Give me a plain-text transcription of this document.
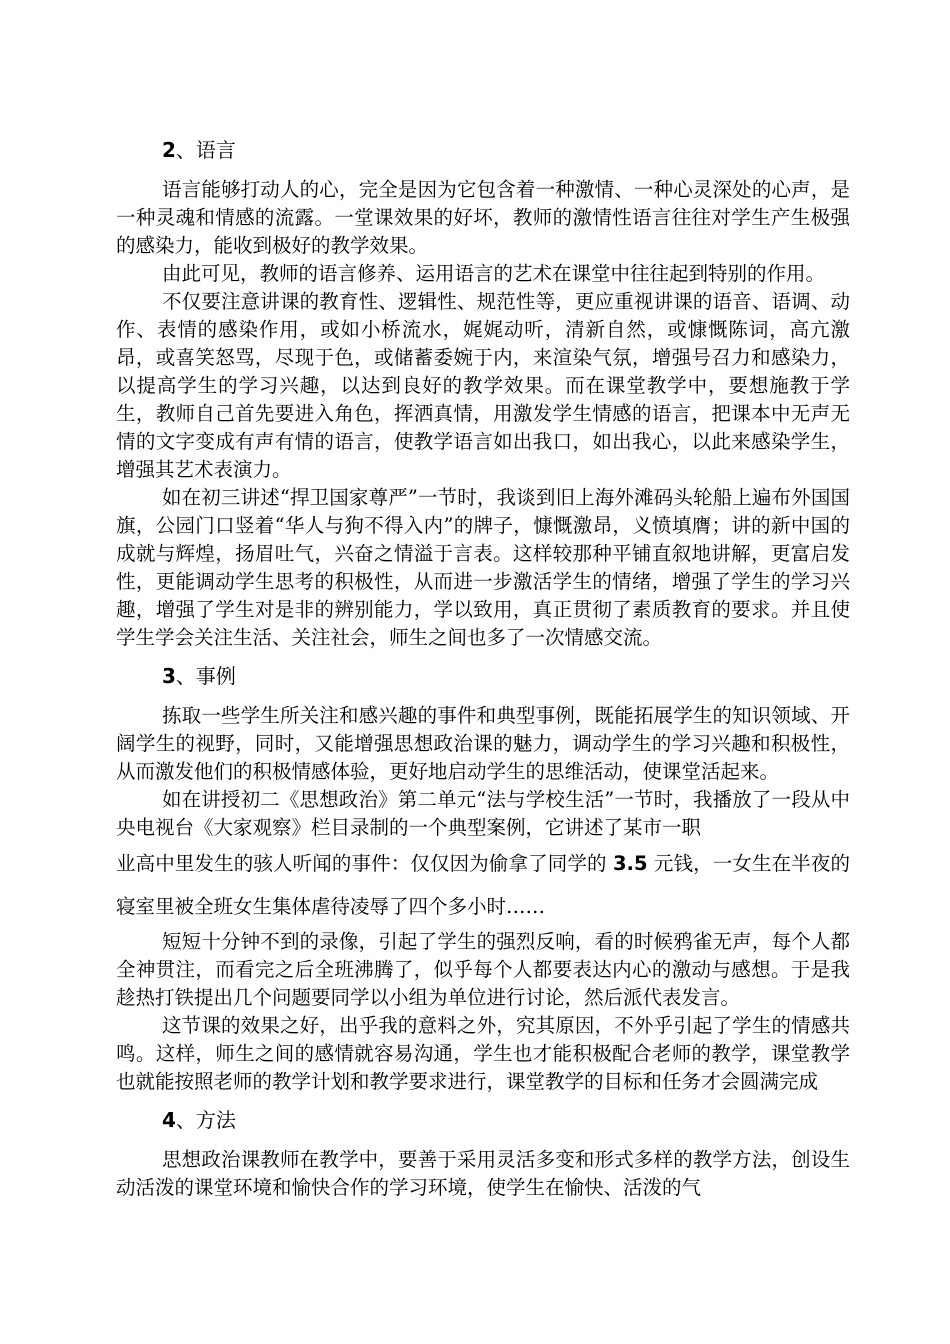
2、语言

语言能够打动人的心，完全是因为它包含着一种激情、一种心灵深处的心声，是一种灵魂和情感的流露。一堂课效果的好坏，教师的激情性语言往往对学生产生极强的感染力，能收到极好的教学效果。

由此可见，教师的语言修养、运用语言的艺术在课堂中往往起到特别的作用。

不仅要注意讲课的教育性、逻辑性、规范性等，更应重视讲课的语音、语调、动作、表情的感染作用，或如小桥流水，娓娓动听，清新自然，或慷慨陈词，高亢激昂，或喜笑怒骂，尽现于色，或储蓄委婉于内，来渲染气氛，增强号召力和感染力，以提高学生的学习兴趣，以达到良好的教学效果。而在课堂教学中，要想施教于学生，教师自己首先要进入角色，挥洒真情，用激发学生情感的语言，把课本中无声无情的文字变成有声有情的语言，使教学语言如出我口，如出我心，以此来感染学生，增强其艺术表演力。

如在初三讲述“捍卫国家尊严”一节时，我谈到旧上海外滩码头轮船上遍布外国国旗，公园门口竖着“华人与狗不得入内”的牌子，慷慨激昂，义愤填膺；讲的新中国的成就与辉煌，扬眉吐气，兴奋之情溢于言表。这样较那种平铺直叙地讲解，更富启发性，更能调动学生思考的积极性，从而进一步激活学生的情绪，增强了学生的学习兴趣，增强了学生对是非的辨别能力，学以致用，真正贯彻了素质教育的要求。并且使学生学会关注生活、关注社会，师生之间也多了一次情感交流。

3、事例

拣取一些学生所关注和感兴趣的事件和典型事例，既能拓展学生的知识领域、开阔学生的视野，同时，又能增强思想政治课的魅力，调动学生的学习兴趣和积极性，从而激发他们的积极情感体验，更好地启动学生的思维活动，使课堂活起来。

如在讲授初二《思想政治》第二单元“法与学校生活”一节时，我播放了一段从中央电视台《大家观察》栏目录制的一个典型案例，它讲述了某市一职

业高中里发生的骇人听闻的事件：仅仅因为偷拿了同学的 3.5 元钱，一女生在半夜的寝室里被全班女生集体虐待凌辱了四个多小时……

短短十分钟不到的录像，引起了学生的强烈反响，看的时候鸦雀无声，每个人都全神贯注，而看完之后全班沸腾了，似乎每个人都要表达内心的激动与感想。于是我趁热打铁提出几个问题要同学以小组为单位进行讨论，然后派代表发言。

这节课的效果之好，出乎我的意料之外，究其原因，不外乎引起了学生的情感共鸣。这样，师生之间的感情就容易沟通，学生也才能积极配合老师的教学，课堂教学也就能按照老师的教学计划和教学要求进行，课堂教学的目标和任务才会圆满完成

4、方法

思想政治课教师在教学中，要善于采用灵活多变和形式多样的教学方法，创设生动活泼的课堂环境和愉快合作的学习环境，使学生在愉快、活泼的气
